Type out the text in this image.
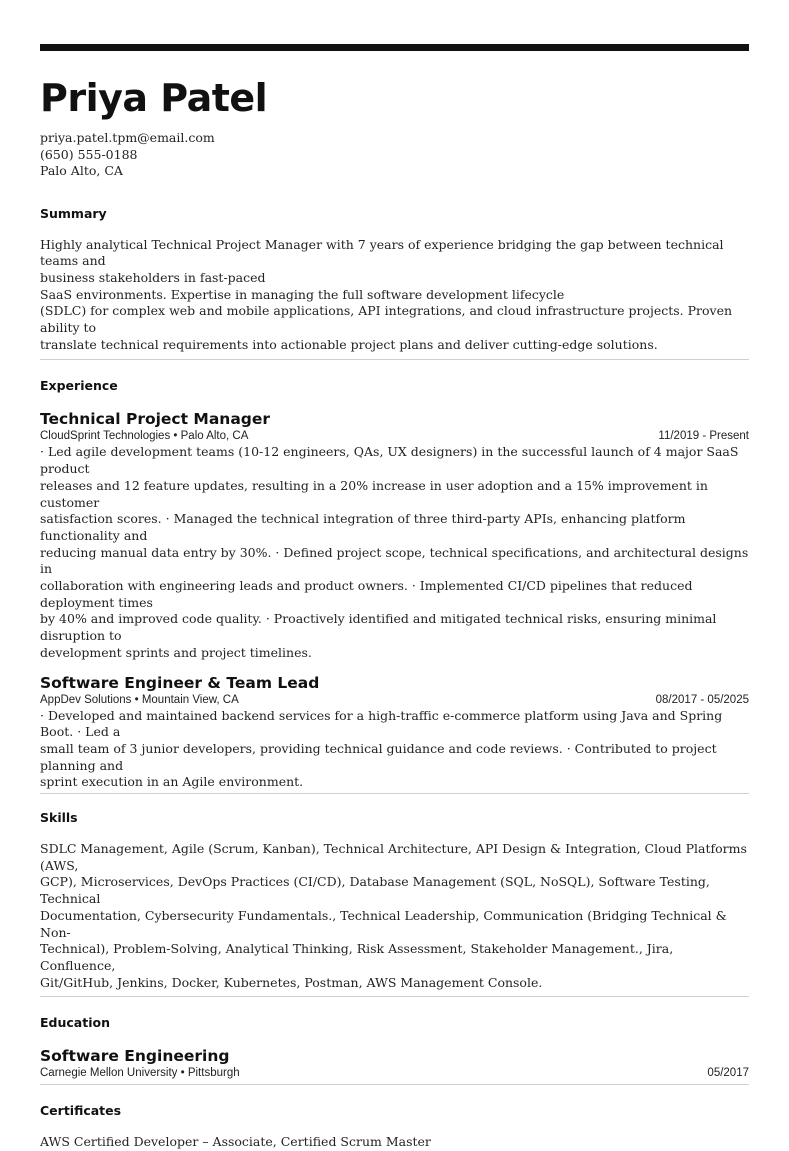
Priya Patel
priya.patel.tpm@email.com
(650) 555-0188
Palo Alto, CA
Summary
Highly analytical Technical Project Manager with 7 years of experience bridging the gap between technical teams and
business stakeholders in fast-paced
SaaS environments. Expertise in managing the full software development lifecycle
(SDLC) for complex web and mobile applications, API integrations, and cloud infrastructure projects. Proven ability to
translate technical requirements into actionable project plans and deliver cutting-edge solutions.
Experience
Technical Project Manager
CloudSprint Technologies • Palo Alto, CA	11/2019 - Present
· Led agile development teams (10-12 engineers, QAs, UX designers) in the successful launch of 4 major SaaS product
releases and 12 feature updates, resulting in a 20% increase in user adoption and a 15% improvement in customer
satisfaction scores. · Managed the technical integration of three third-party APIs, enhancing platform functionality and
reducing manual data entry by 30%. · Defined project scope, technical specifications, and architectural designs in
collaboration with engineering leads and product owners. · Implemented CI/CD pipelines that reduced deployment times
by 40% and improved code quality. · Proactively identified and mitigated technical risks, ensuring minimal disruption to
development sprints and project timelines.
Software Engineer & Team Lead
AppDev Solutions • Mountain View, CA	08/2017 - 05/2025
· Developed and maintained backend services for a high-traffic e-commerce platform using Java and Spring Boot. · Led a
small team of 3 junior developers, providing technical guidance and code reviews. · Contributed to project planning and
sprint execution in an Agile environment.
Skills
SDLC Management, Agile (Scrum, Kanban), Technical Architecture, API Design & Integration, Cloud Platforms (AWS,
GCP), Microservices, DevOps Practices (CI/CD), Database Management (SQL, NoSQL), Software Testing, Technical
Documentation, Cybersecurity Fundamentals., Technical Leadership, Communication (Bridging Technical & Non-
Technical), Problem-Solving, Analytical Thinking, Risk Assessment, Stakeholder Management., Jira, Confluence,
Git/GitHub, Jenkins, Docker, Kubernetes, Postman, AWS Management Console.
Education
Software Engineering
Carnegie Mellon University • Pittsburgh	05/2017
Certificates
AWS Certified Developer – Associate, Certified Scrum Master
